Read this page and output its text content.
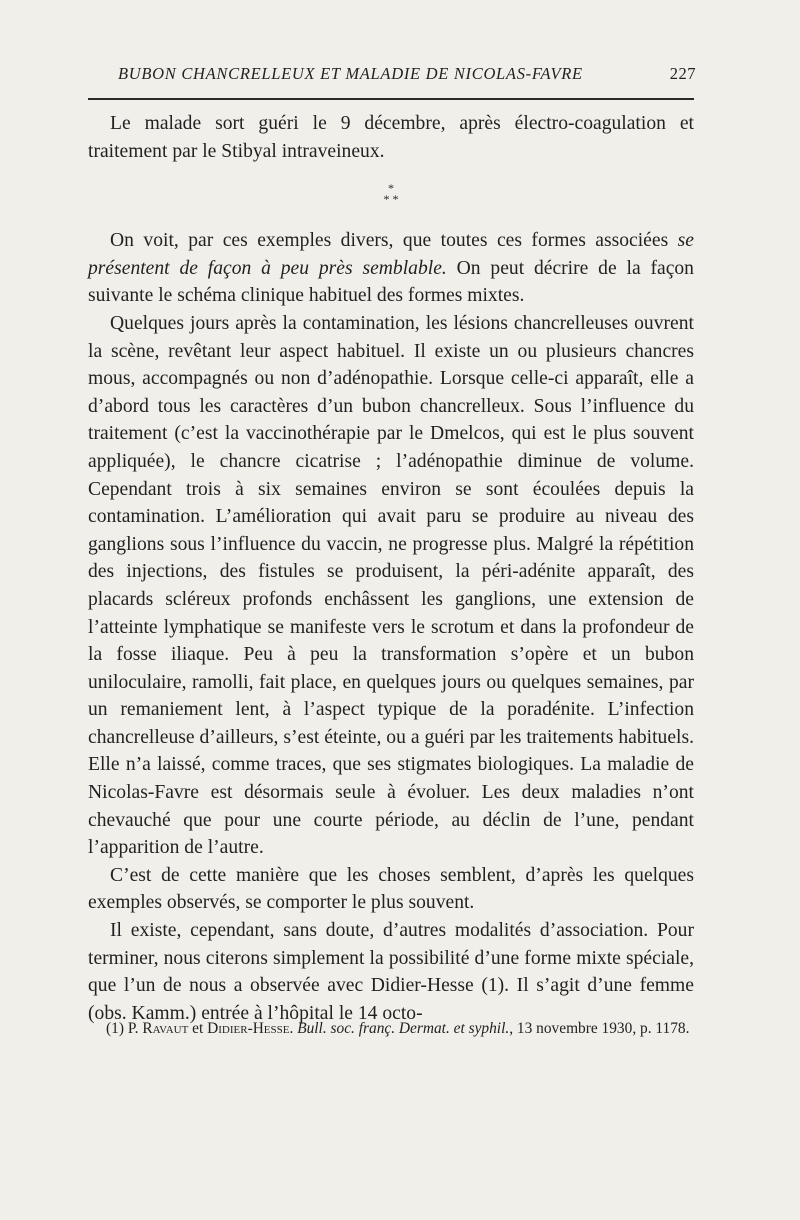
BUBON CHANCRELLEUX ET MALADIE DE NICOLAS-FAVRE	227

Le malade sort guéri le 9 décembre, après électro-coagulation et traitement par le Stibyal intraveineux.

*
* *

On voit, par ces exemples divers, que toutes ces formes associées se présentent de façon à peu près semblable. On peut décrire de la façon suivante le schéma clinique habituel des formes mixtes.

Quelques jours après la contamination, les lésions chancrelleuses ouvrent la scène, revêtant leur aspect habituel. Il existe un ou plusieurs chancres mous, accompagnés ou non d’adénopathie. Lorsque celle-ci apparaît, elle a d’abord tous les caractères d’un bubon chancrelleux. Sous l’influence du traitement (c’est la vaccinothérapie par le Dmelcos, qui est le plus souvent appliquée), le chancre cicatrise ; l’adénopathie diminue de volume. Cependant trois à six semaines environ se sont écoulées depuis la contamination. L’amélioration qui avait paru se produire au niveau des ganglions sous l’influence du vaccin, ne progresse plus. Malgré la répétition des injections, des fistules se produisent, la péri-adénite apparaît, des placards scléreux profonds enchâssent les ganglions, une extension de l’atteinte lymphatique se manifeste vers le scrotum et dans la profondeur de la fosse iliaque. Peu à peu la transformation s’opère et un bubon uniloculaire, ramolli, fait place, en quelques jours ou quelques semaines, par un remaniement lent, à l’aspect typique de la poradénite. L’infection chancrelleuse d’ailleurs, s’est éteinte, ou a guéri par les traitements habituels. Elle n’a laissé, comme traces, que ses stigmates biologiques. La maladie de Nicolas-Favre est désormais seule à évoluer. Les deux maladies n’ont chevauché que pour une courte période, au déclin de l’une, pendant l’apparition de l’autre.

C’est de cette manière que les choses semblent, d’après les quelques exemples observés, se comporter le plus souvent.

Il existe, cependant, sans doute, d’autres modalités d’association. Pour terminer, nous citerons simplement la possibilité d’une forme mixte spéciale, que l’un de nous a observée avec Didier-Hesse (1). Il s’agit d’une femme (obs. Kamm.) entrée à l’hôpital le 14 octo-

(1) P. Ravaut et Didier-Hesse. Bull. soc. franç. Dermat. et syphil., 13 novembre 1930, p. 1178.
